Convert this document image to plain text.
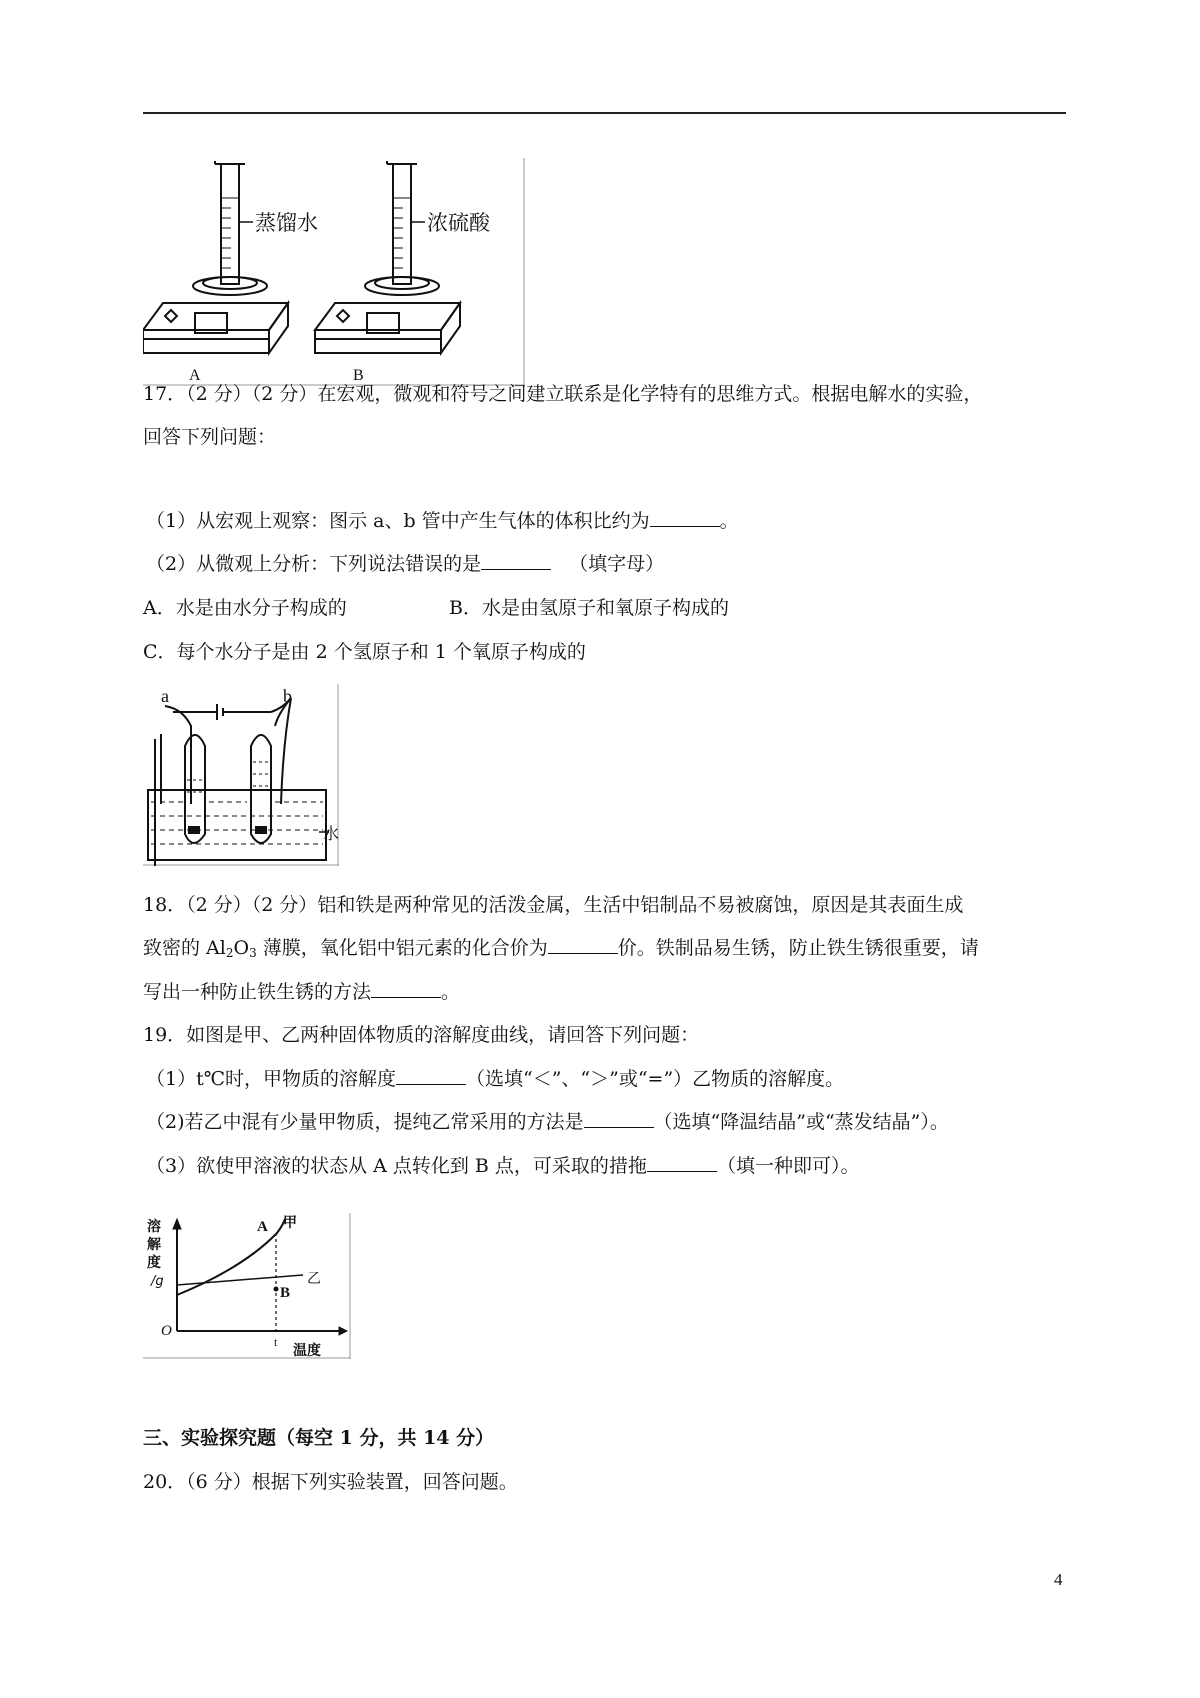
蒸馏水
A
浓硫酸
B
17．（2 分）（2 分）在宏观，微观和符号之间建立联系是化学特有的思维方式。根据电解水的实验，
回答下列问题：
（1）从宏观上观察：图示 a、b 管中产生气体的体积比约为	。
（2）从微观上分析：下列说法错误的是	（填字母）
A．水是由水分子构成的	B．水是由氢原子和氧原子构成的
C．每个水分子是由 2 个氢原子和 1 个氧原子构成的
a	b
水
18．（2 分）（2 分）铝和铁是两种常见的活泼金属，生活中铝制品不易被腐蚀，原因是其表面生成
致密的 $Al_2O_3$ 薄膜，氧化铝中铝元素的化合价为	价。铁制品易生锈，防止铁生锈很重要，请
写出一种防止铁生锈的方法	。
19．如图是甲、乙两种固体物质的溶解度曲线，请回答下列问题：
（1）t℃时，甲物质的溶解度	（选填“＜”、“＞”或“=”）乙物质的溶解度。
（2)若乙中混有少量甲物质，提纯乙常采用的方法是	（选填“降温结晶”或“蒸发结晶”）。
（3）欲使甲溶液的状态从 A 点转化到 B 点，可采取的措拖	（填一种即可）。
溶
解
度
/g
温度
O
A
B
t
甲
乙
三、实验探究题（每空 1 分，共 14 分）
20．（6 分）根据下列实验装置，回答问题。
4
